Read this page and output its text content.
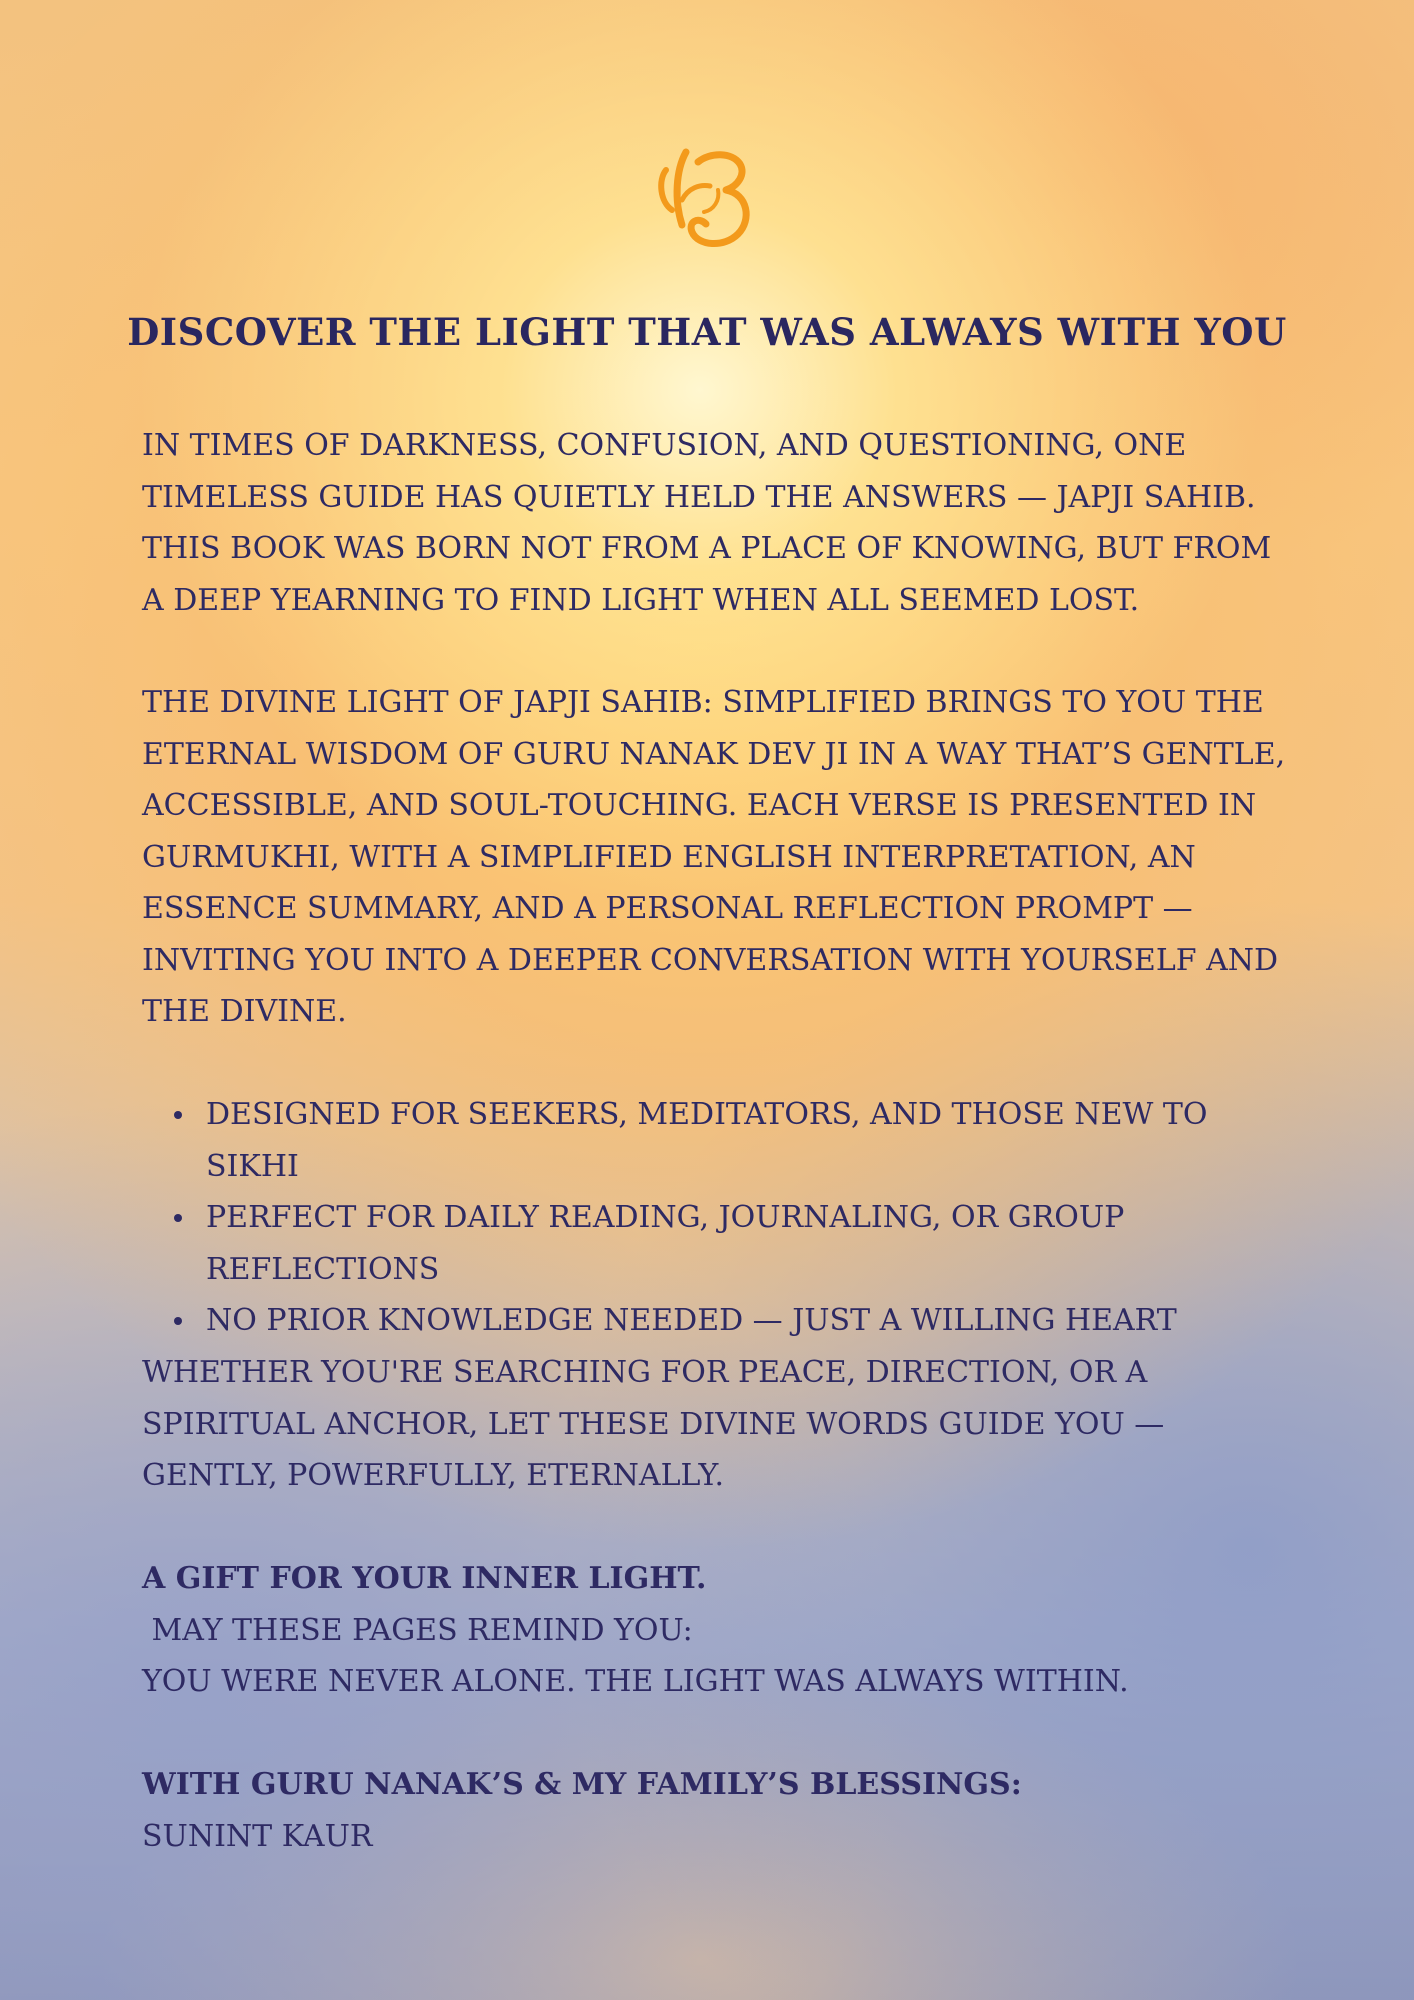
DISCOVER THE LIGHT THAT WAS ALWAYS WITH YOU

IN TIMES OF DARKNESS, CONFUSION, AND QUESTIONING, ONE TIMELESS GUIDE HAS QUIETLY HELD THE ANSWERS — JAPJI SAHIB. THIS BOOK WAS BORN NOT FROM A PLACE OF KNOWING, BUT FROM A DEEP YEARNING TO FIND LIGHT WHEN ALL SEEMED LOST.

THE DIVINE LIGHT OF JAPJI SAHIB: SIMPLIFIED BRINGS TO YOU THE ETERNAL WISDOM OF GURU NANAK DEV JI IN A WAY THAT’S GENTLE, ACCESSIBLE, AND SOUL-TOUCHING. EACH VERSE IS PRESENTED IN GURMUKHI, WITH A SIMPLIFIED ENGLISH INTERPRETATION, AN ESSENCE SUMMARY, AND A PERSONAL REFLECTION PROMPT — INVITING YOU INTO A DEEPER CONVERSATION WITH YOURSELF AND THE DIVINE.

DESIGNED FOR SEEKERS, MEDITATORS, AND THOSE NEW TO SIKHI
PERFECT FOR DAILY READING, JOURNALING, OR GROUP REFLECTIONS
NO PRIOR KNOWLEDGE NEEDED — JUST A WILLING HEART

WHETHER YOU'RE SEARCHING FOR PEACE, DIRECTION, OR A SPIRITUAL ANCHOR, LET THESE DIVINE WORDS GUIDE YOU — GENTLY, POWERFULLY, ETERNALLY.

A GIFT FOR YOUR INNER LIGHT.
MAY THESE PAGES REMIND YOU:
YOU WERE NEVER ALONE. THE LIGHT WAS ALWAYS WITHIN.
WITH GURU NANAK’S & MY FAMILY’S BLESSINGS:
SUNINT KAUR
